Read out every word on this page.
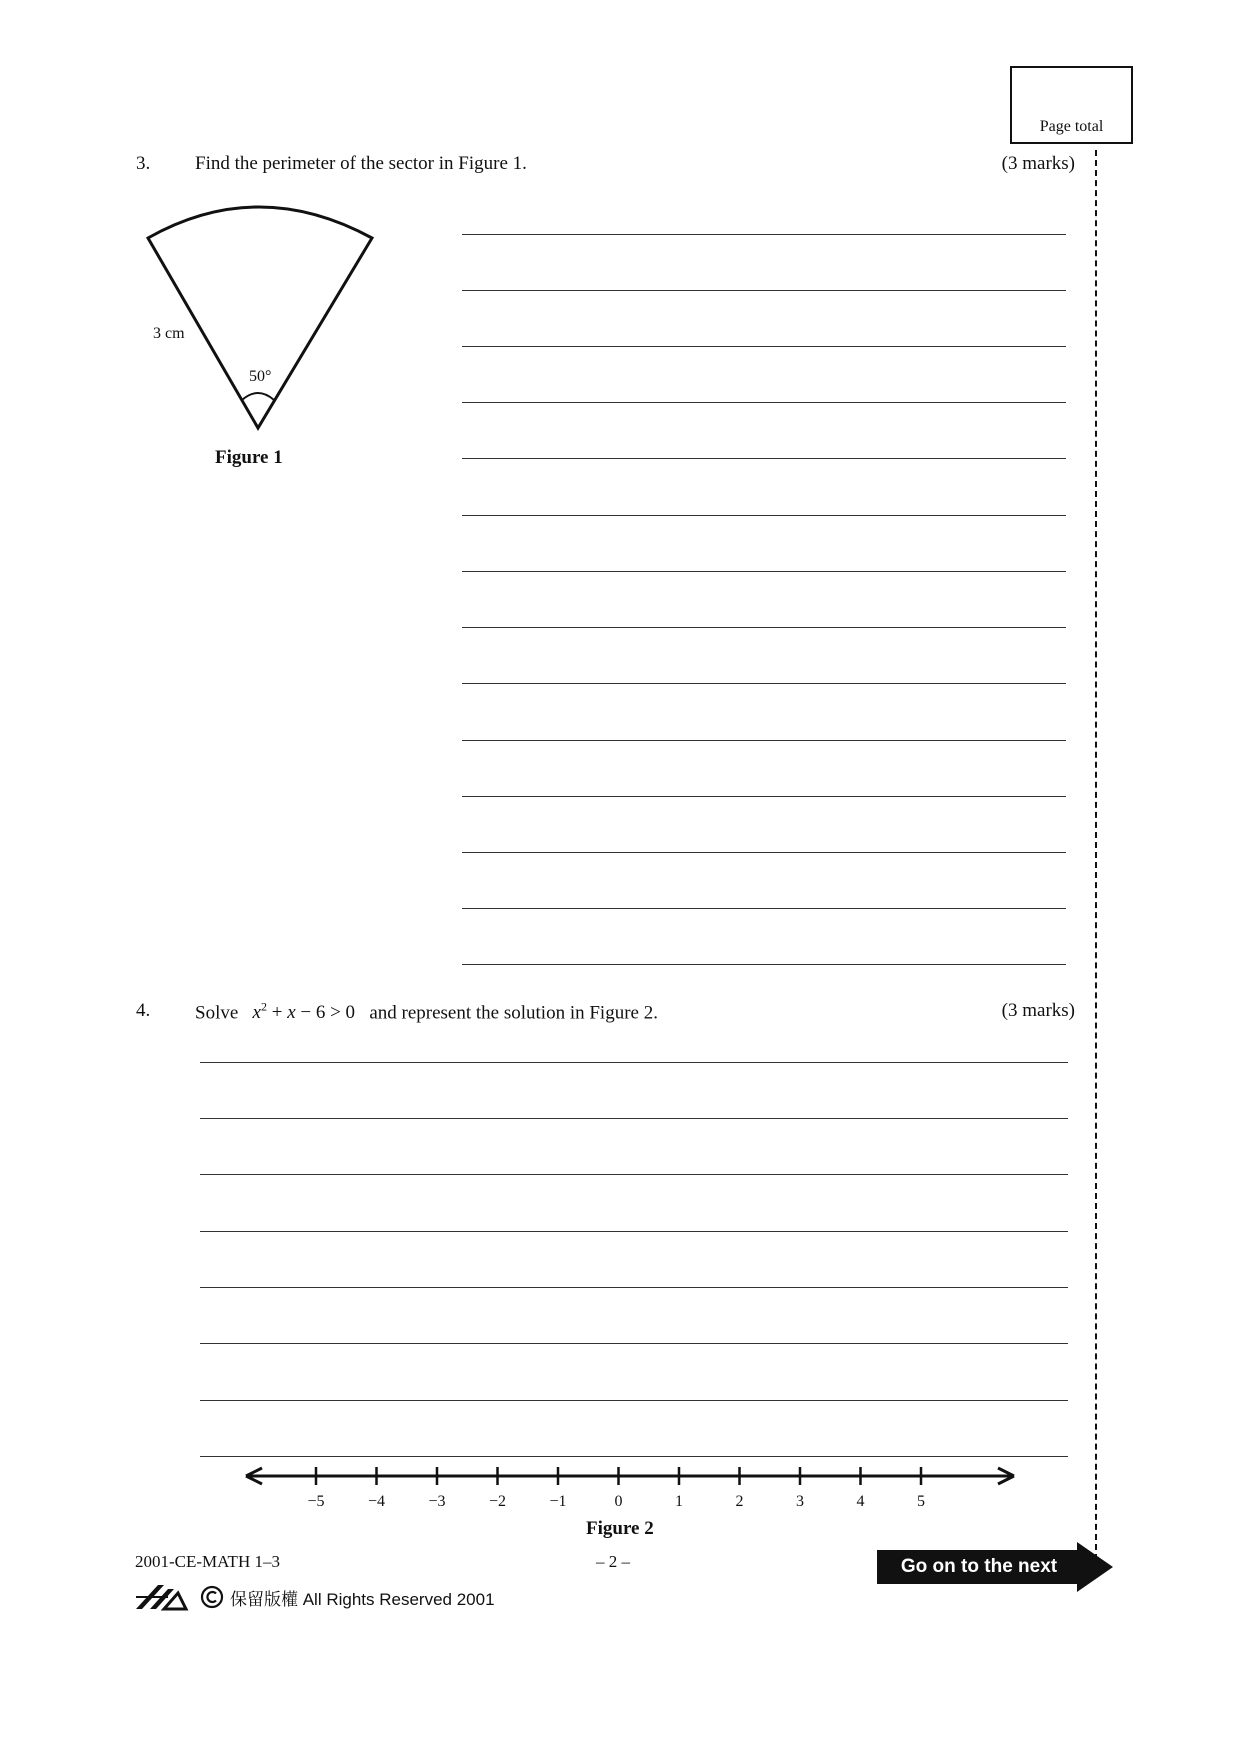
Page total
3. Find the perimeter of the sector in Figure 1.	(3 marks)
3 cm
50°
Figure 1
4. Solve $x^2 + x - 6 > 0$ and represent the solution in Figure 2.	(3 marks)
−5	−4	−3	−2	−1	0	1	2	3	4	5
Figure 2
2001-CE-MATH 1–3	– 2 –	Go on to the next page
保留版權 All Rights Reserved 2001
